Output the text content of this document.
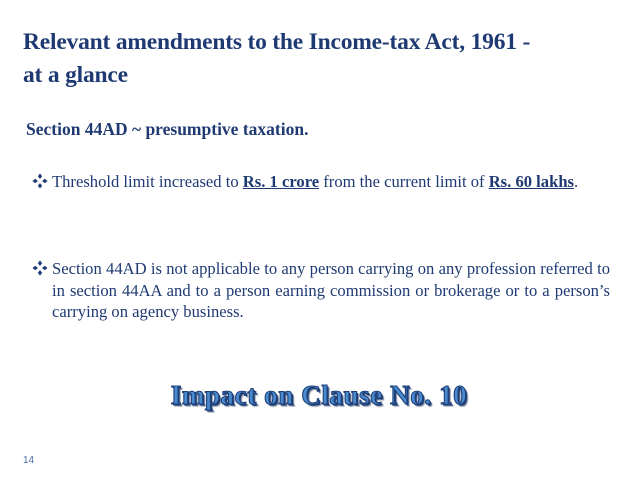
Relevant amendments to the Income-tax Act, 1961 -
at a glance
Section 44AD ~ presumptive taxation.
Threshold limit increased to Rs. 1 crore from the current limit of Rs. 60 lakhs.
Section 44AD is not applicable to any person carrying on any profession referred to in section 44AA and to a person earning commission or brokerage or to a person’s carrying on agency business.
Impact on Clause No. 10
14
